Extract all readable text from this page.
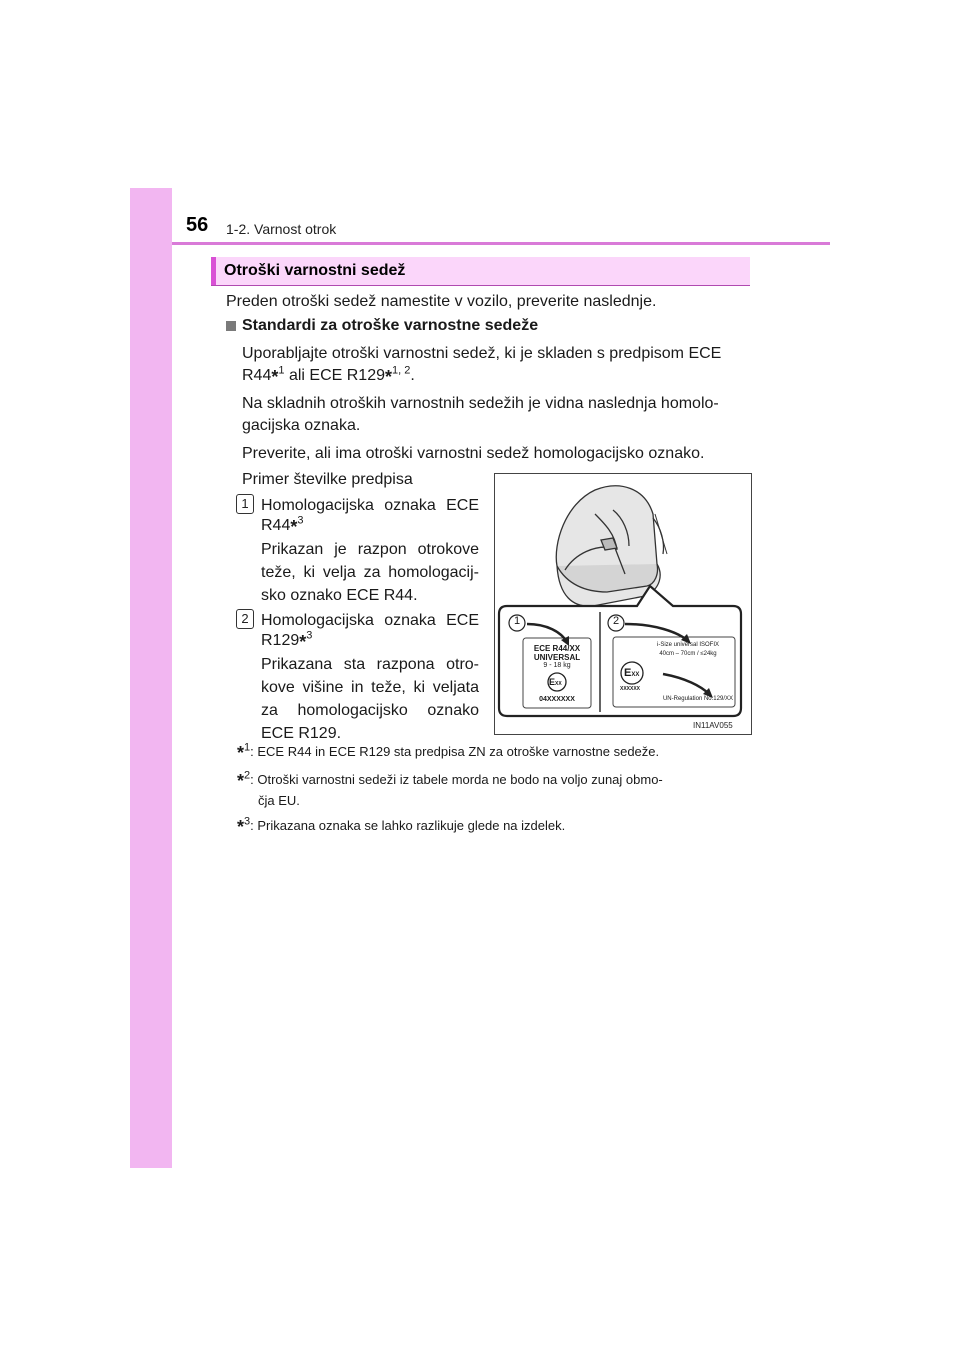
56 1-2. Varnost otrok
Otroški varnostni sedež

Preden otroški sedež namestite v vozilo, preverite naslednje.

Standardi za otroške varnostne sedeže

Uporabljajte otroški varnostni sedež, ki je skladen s predpisom ECE

R44*$^1$ ali ECE R129*$^{1, 2}$.

Na skladnih otroških varnostnih sedežih je vidna naslednja homolo-

gacijska oznaka.

Preverite, ali ima otroški varnostni sedež homologacijsko oznako.

Primer številke predpisa

1 Homologacijska oznaka ECE

R44*$^3$

Prikazan je razpon otrokove

teže, ki velja za homologacij-

sko oznako ECE R44.

2 Homologacijska oznaka ECE

R129*$^3$

Prikazana sta razpona otro-

kove višine in teže, ki veljata

za homologacijsko oznako

ECE R129.

1	2
ECE R44/XX
UNIVERSAL
9 - 18 kg
EXX
04XXXXXX
i-Size universal ISOFIX
40cm – 70cm / ≤24kg
EXX
XXXXXX
UN-Regulation No.129/XX
IN11AV055
*$^1$: ECE R44 in ECE R129 sta predpisa ZN za otroške varnostne sedeže.
*$^2$: Otroški varnostni sedeži iz tabele morda ne bodo na voljo zunaj obmo-
čja EU.
*$^3$: Prikazana oznaka se lahko razlikuje glede na izdelek.
